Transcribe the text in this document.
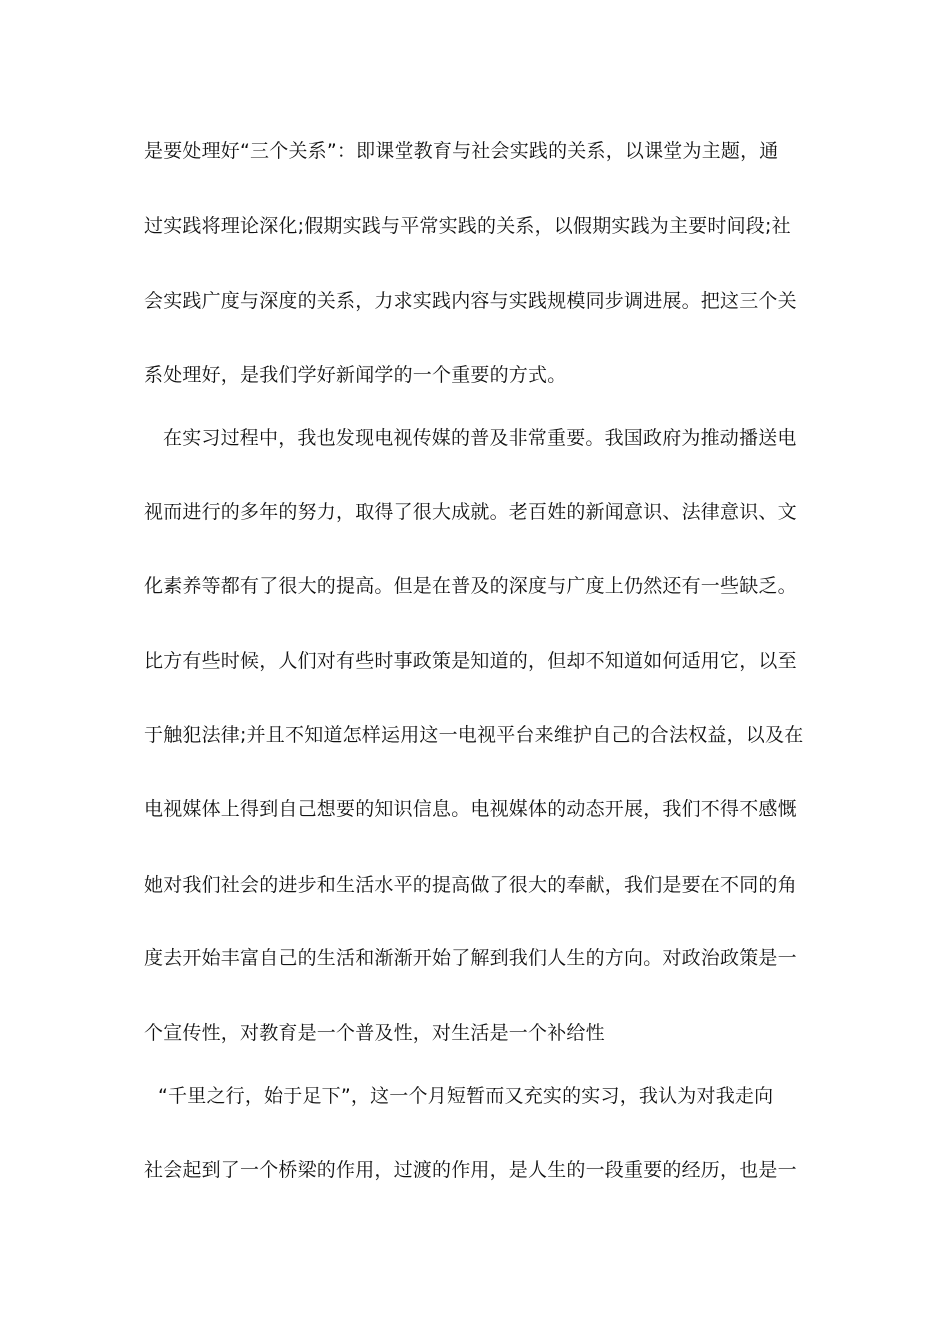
是要处理好“三个关系”：即课堂教育与社会实践的关系，以课堂为主题，通
过实践将理论深化;假期实践与平常实践的关系，以假期实践为主要时间段;社
会实践广度与深度的关系，力求实践内容与实践规模同步调进展。把这三个关
系处理好，是我们学好新闻学的一个重要的方式。
在实习过程中，我也发现电视传媒的普及非常重要。我国政府为推动播送电
视而进行的多年的努力，取得了很大成就。老百姓的新闻意识、法律意识、文
化素养等都有了很大的提高。但是在普及的深度与广度上仍然还有一些缺乏。
比方有些时候，人们对有些时事政策是知道的，但却不知道如何适用它，以至
于触犯法律;并且不知道怎样运用这一电视平台来维护自己的合法权益，以及在
电视媒体上得到自己想要的知识信息。电视媒体的动态开展，我们不得不感慨
她对我们社会的进步和生活水平的提高做了很大的奉献，我们是要在不同的角
度去开始丰富自己的生活和渐渐开始了解到我们人生的方向。对政治政策是一
个宣传性，对教育是一个普及性，对生活是一个补给性
“千里之行，始于足下”，这一个月短暂而又充实的实习，我认为对我走向
社会起到了一个桥梁的作用，过渡的作用，是人生的一段重要的经历，也是一
